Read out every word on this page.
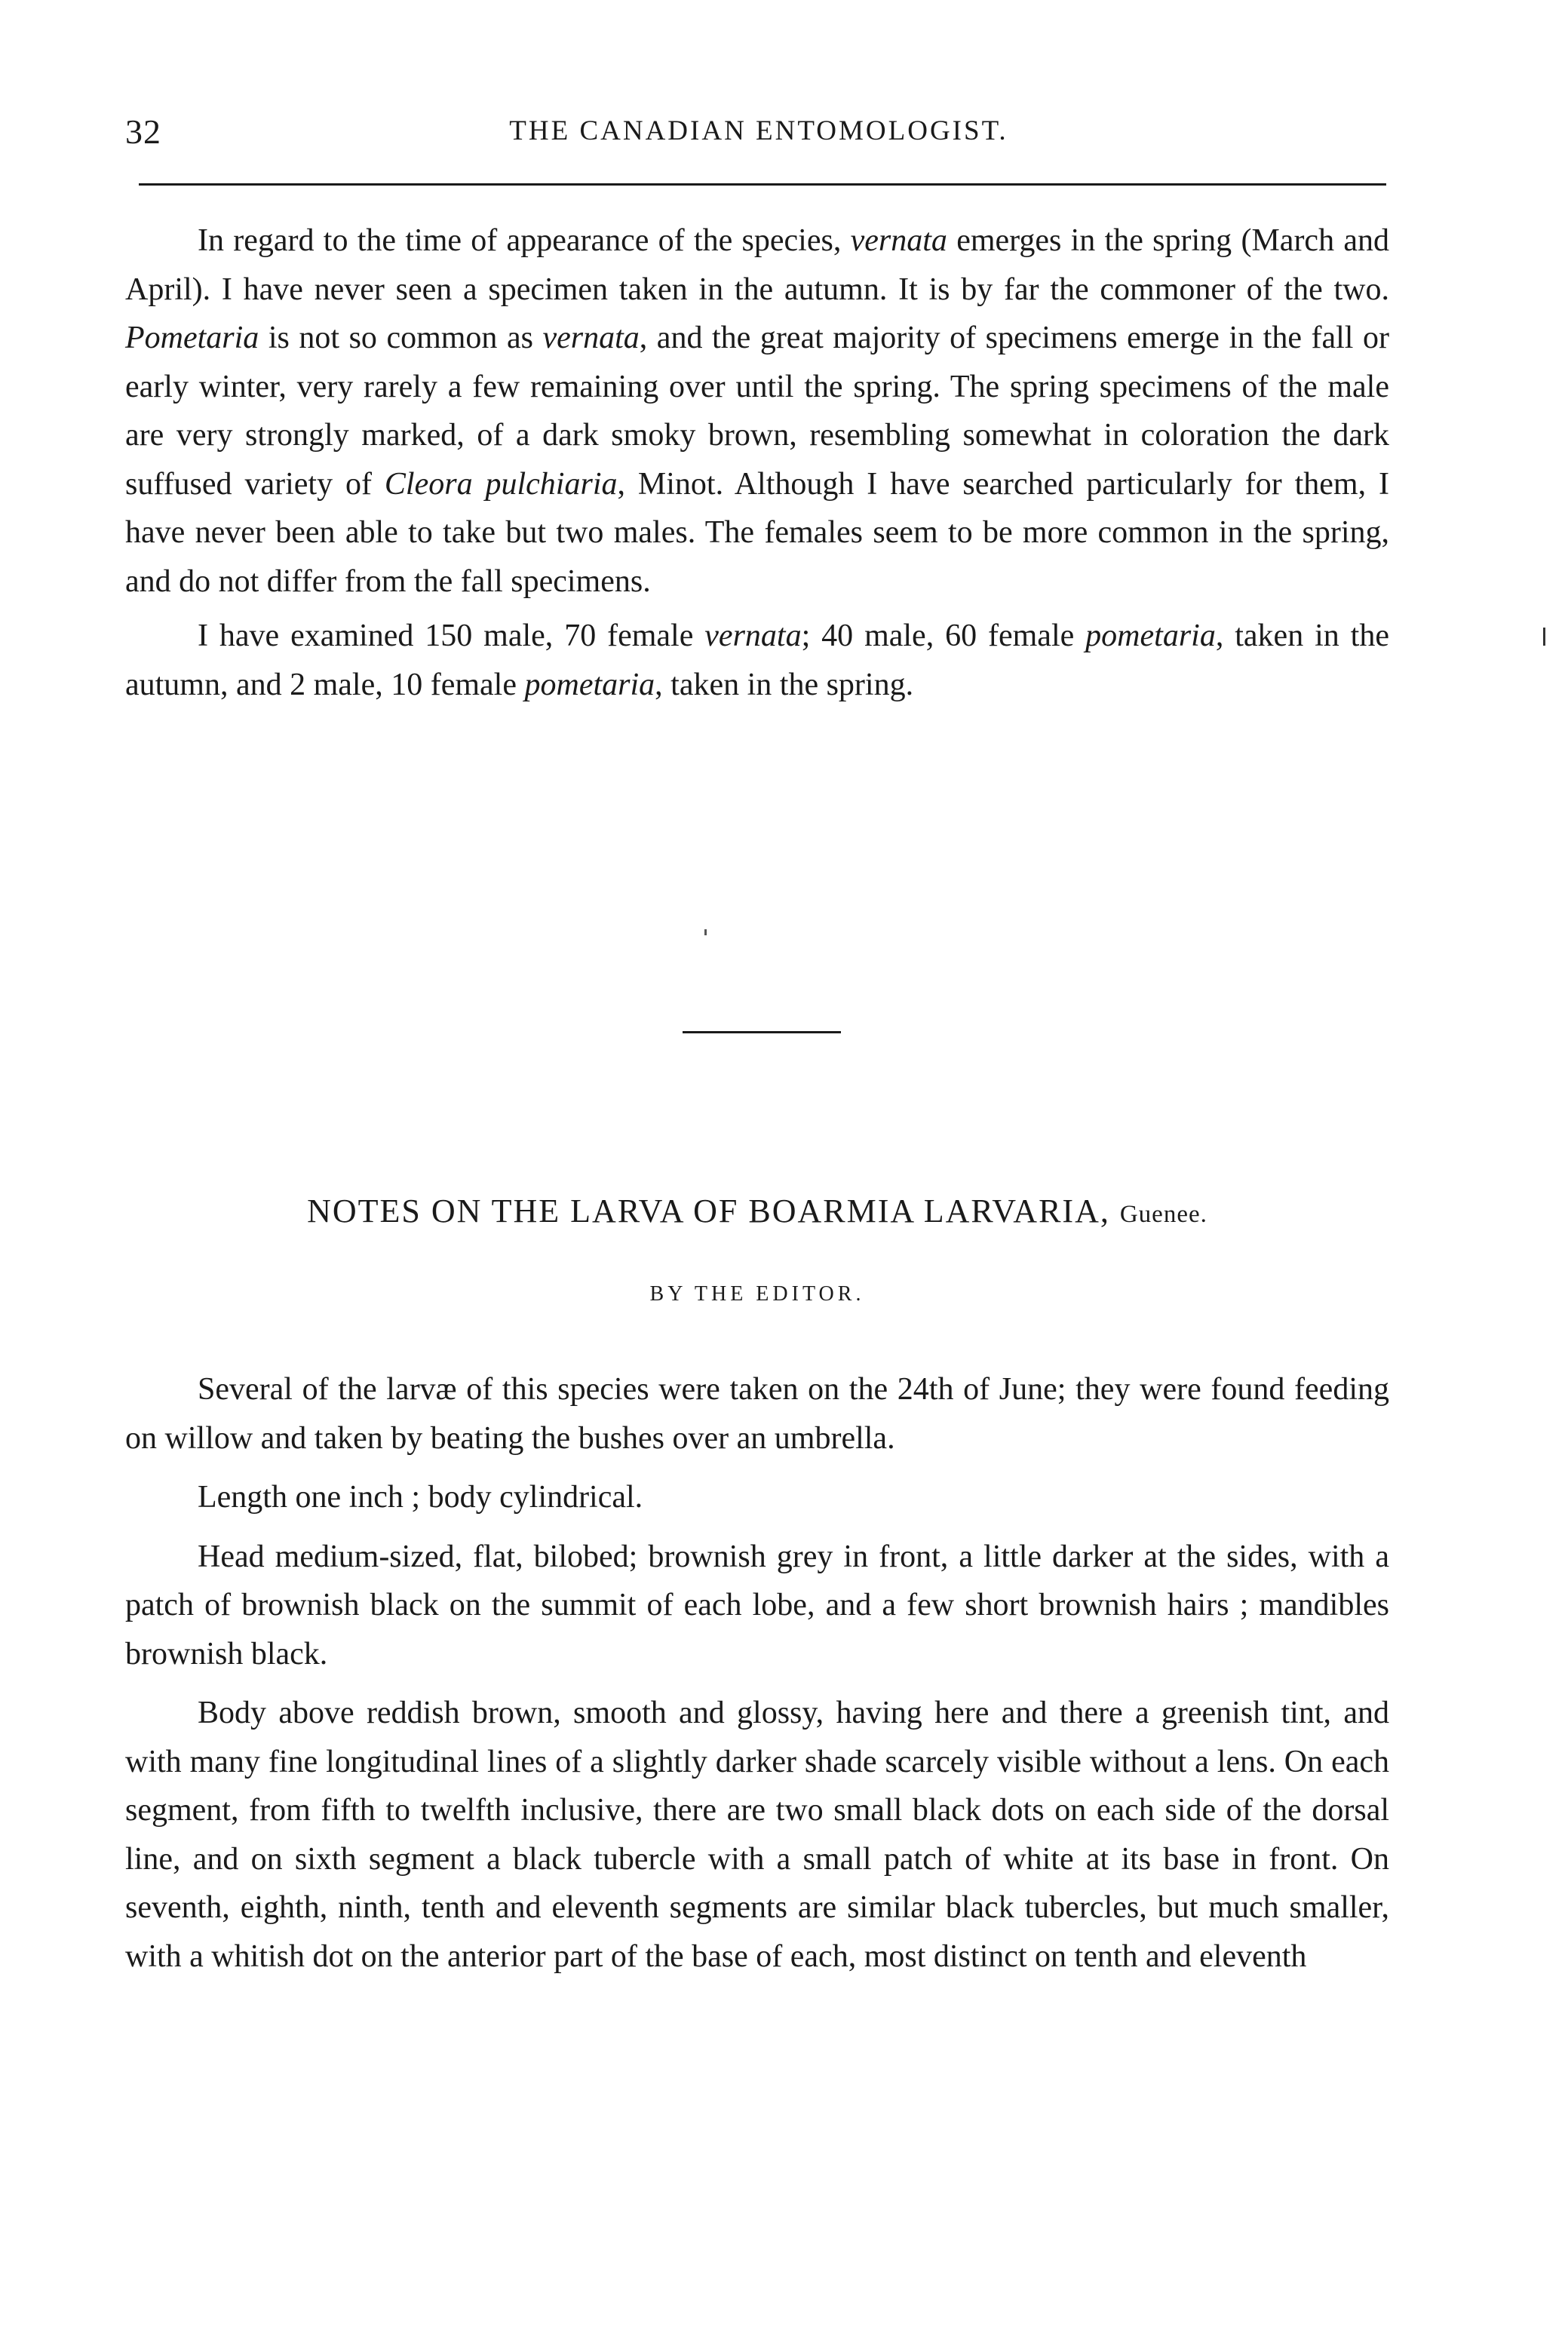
32	THE CANADIAN ENTOMOLOGIST.

In regard to the time of appearance of the species, vernata emerges in the spring (March and April). I have never seen a specimen taken in the autumn. It is by far the commoner of the two. Pometaria is not so common as vernata, and the great majority of specimens emerge in the fall or early winter, very rarely a few remaining over until the spring. The spring specimens of the male are very strongly marked, of a dark smoky brown, resembling somewhat in coloration the dark suffused variety of Cleora pulchiaria, Minot. Although I have searched particularly for them, I have never been able to take but two males. The females seem to be more common in the spring, and do not differ from the fall specimens.

I have examined 150 male, 70 female vernata; 40 male, 60 female pometaria, taken in the autumn, and 2 male, 10 female pometaria, taken in the spring.

NOTES ON THE LARVA OF BOARMIA LARVARIA, Guenee.
BY THE EDITOR.

Several of the larvæ of this species were taken on the 24th of June; they were found feeding on willow and taken by beating the bushes over an umbrella.

Length one inch ; body cylindrical.

Head medium-sized, flat, bilobed; brownish grey in front, a little darker at the sides, with a patch of brownish black on the summit of each lobe, and a few short brownish hairs ; mandibles brownish black.

Body above reddish brown, smooth and glossy, having here and there a greenish tint, and with many fine longitudinal lines of a slightly darker shade scarcely visible without a lens. On each segment, from fifth to twelfth inclusive, there are two small black dots on each side of the dorsal line, and on sixth segment a black tubercle with a small patch of white at its base in front. On seventh, eighth, ninth, tenth and eleventh segments are similar black tubercles, but much smaller, with a whitish dot on the anterior part of the base of each, most distinct on tenth and eleventh
